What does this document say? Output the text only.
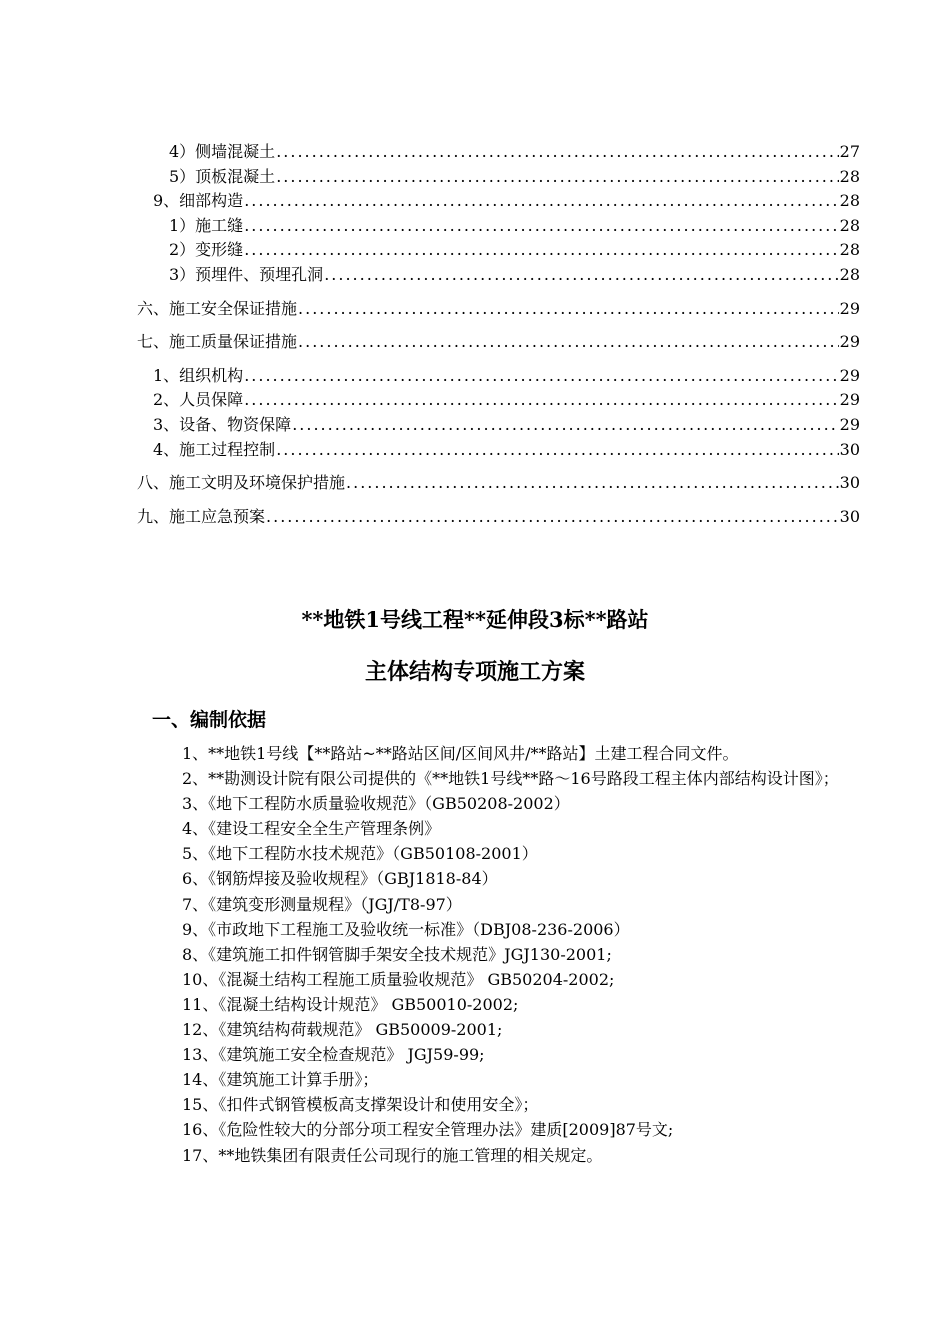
4）侧墙混凝土 .....	27
5）顶板混凝土 .....	28
9、细部构造 .....	28
1）施工缝 .....	28
2）变形缝 .....	28
3）预埋件、预埋孔洞 .....	28
六、施工安全保证措施 .....	29
七、施工质量保证措施 .....	29
1、组织机构 .....	29
2、人员保障 .....	29
3、设备、物资保障 .....	29
4、施工过程控制 .....	30
八、施工文明及环境保护措施 .....	30
九、施工应急预案 .....	30
**地铁1号线工程**延伸段3标**路站
主体结构专项施工方案
一、编制依据
1、**地铁1号线【**路站~**路站区间/区间风井/**路站】土建工程合同文件。
2、**勘测设计院有限公司提供的《**地铁1号线**路～16号路段工程主体内部结构设计图》；
3、《地下工程防水质量验收规范》（GB50208-2002）
4、《建设工程安全全生产管理条例》
5、《地下工程防水技术规范》（GB50108-2001）
6、《钢筋焊接及验收规程》（GBJ1818-84）
7、《建筑变形测量规程》（JGJ/T8-97）
9、《市政地下工程施工及验收统一标准》（DBJ08-236-2006）
8、《建筑施工扣件钢管脚手架安全技术规范》JGJ130-2001;
10、《混凝土结构工程施工质量验收规范》 GB50204-2002;
11、《混凝土结构设计规范》 GB50010-2002;
12、《建筑结构荷载规范》 GB50009-2001;
13、《建筑施工安全检查规范》 JGJ59-99;
14、《建筑施工计算手册》；
15、《扣件式钢管模板高支撑架设计和使用安全》；
16、《危险性较大的分部分项工程安全管理办法》建质[2009]87号文;
17、**地铁集团有限责任公司现行的施工管理的相关规定。
